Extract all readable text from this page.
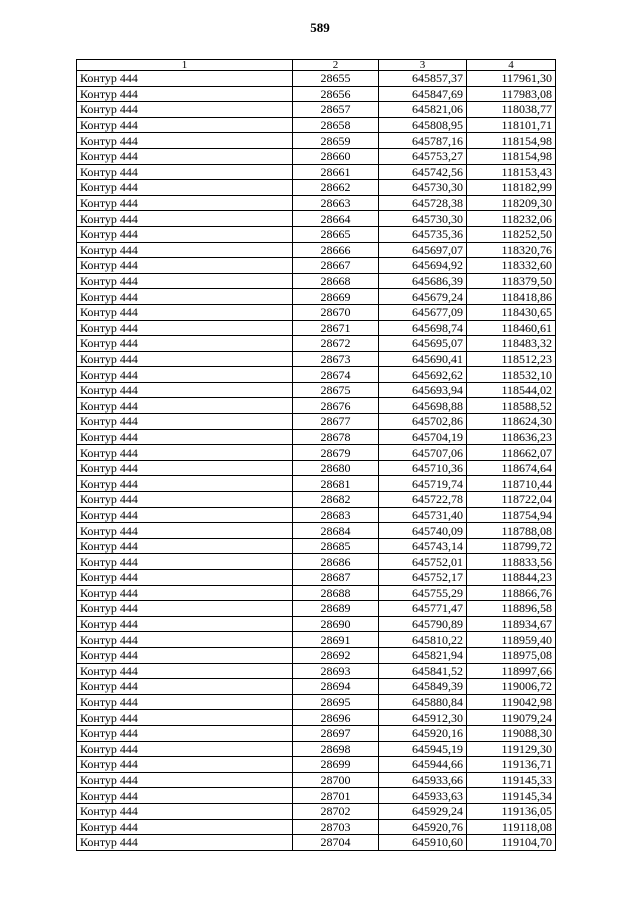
589
1	2	3	4
Контур 444	28655	645857,37	117961,30
Контур 444	28656	645847,69	117983,08
Контур 444	28657	645821,06	118038,77
Контур 444	28658	645808,95	118101,71
Контур 444	28659	645787,16	118154,98
Контур 444	28660	645753,27	118154,98
Контур 444	28661	645742,56	118153,43
Контур 444	28662	645730,30	118182,99
Контур 444	28663	645728,38	118209,30
Контур 444	28664	645730,30	118232,06
Контур 444	28665	645735,36	118252,50
Контур 444	28666	645697,07	118320,76
Контур 444	28667	645694,92	118332,60
Контур 444	28668	645686,39	118379,50
Контур 444	28669	645679,24	118418,86
Контур 444	28670	645677,09	118430,65
Контур 444	28671	645698,74	118460,61
Контур 444	28672	645695,07	118483,32
Контур 444	28673	645690,41	118512,23
Контур 444	28674	645692,62	118532,10
Контур 444	28675	645693,94	118544,02
Контур 444	28676	645698,88	118588,52
Контур 444	28677	645702,86	118624,30
Контур 444	28678	645704,19	118636,23
Контур 444	28679	645707,06	118662,07
Контур 444	28680	645710,36	118674,64
Контур 444	28681	645719,74	118710,44
Контур 444	28682	645722,78	118722,04
Контур 444	28683	645731,40	118754,94
Контур 444	28684	645740,09	118788,08
Контур 444	28685	645743,14	118799,72
Контур 444	28686	645752,01	118833,56
Контур 444	28687	645752,17	118844,23
Контур 444	28688	645755,29	118866,76
Контур 444	28689	645771,47	118896,58
Контур 444	28690	645790,89	118934,67
Контур 444	28691	645810,22	118959,40
Контур 444	28692	645821,94	118975,08
Контур 444	28693	645841,52	118997,66
Контур 444	28694	645849,39	119006,72
Контур 444	28695	645880,84	119042,98
Контур 444	28696	645912,30	119079,24
Контур 444	28697	645920,16	119088,30
Контур 444	28698	645945,19	119129,30
Контур 444	28699	645944,66	119136,71
Контур 444	28700	645933,66	119145,33
Контур 444	28701	645933,63	119145,34
Контур 444	28702	645929,24	119136,05
Контур 444	28703	645920,76	119118,08
Контур 444	28704	645910,60	119104,70
